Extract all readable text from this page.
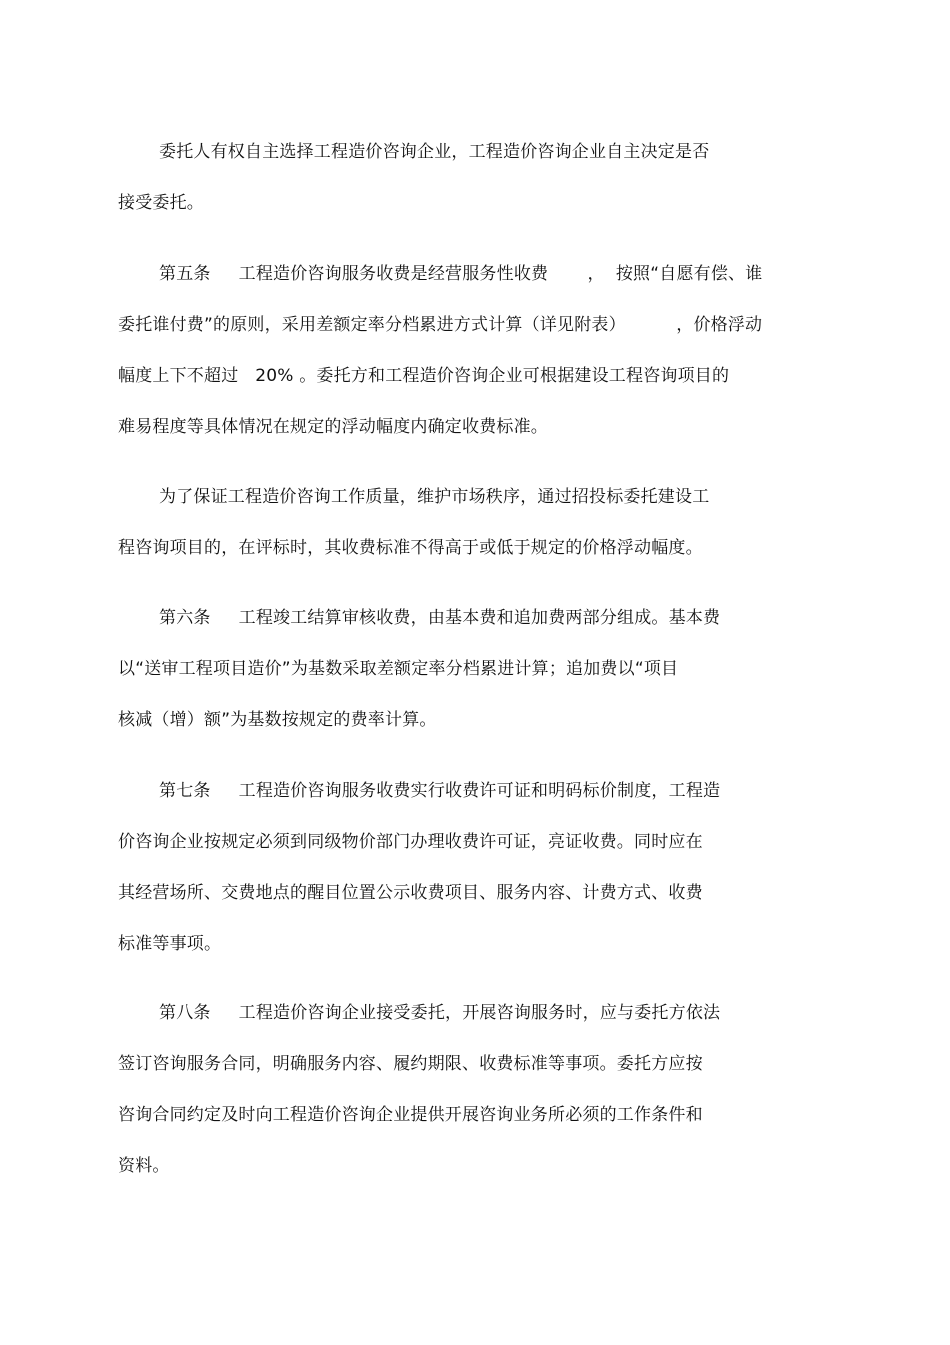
委托人有权自主选择工程造价咨询企业，工程造价咨询企业自主决定是否
接受委托。
第五条     工程造价咨询服务收费是经营服务性收费       ，  按照“自愿有偿、谁
委托谁付费”的原则，采用差额定率分档累进方式计算（详见附表）         ，价格浮动
幅度上下不超过   20% 。委托方和工程造价咨询企业可根据建设工程咨询项目的
难易程度等具体情况在规定的浮动幅度内确定收费标准。
为了保证工程造价咨询工作质量，维护市场秩序，通过招投标委托建设工
程咨询项目的，在评标时，其收费标准不得高于或低于规定的价格浮动幅度。
第六条     工程竣工结算审核收费，由基本费和追加费两部分组成。基本费
以“送审工程项目造价”为基数采取差额定率分档累进计算；追加费以“项目
核减（增）额”为基数按规定的费率计算。
第七条     工程造价咨询服务收费实行收费许可证和明码标价制度，工程造
价咨询企业按规定必须到同级物价部门办理收费许可证，亮证收费。同时应在
其经营场所、交费地点的醒目位置公示收费项目、服务内容、计费方式、收费
标准等事项。
第八条     工程造价咨询企业接受委托，开展咨询服务时，应与委托方依法
签订咨询服务合同，明确服务内容、履约期限、收费标准等事项。委托方应按
咨询合同约定及时向工程造价咨询企业提供开展咨询业务所必须的工作条件和
资料。
